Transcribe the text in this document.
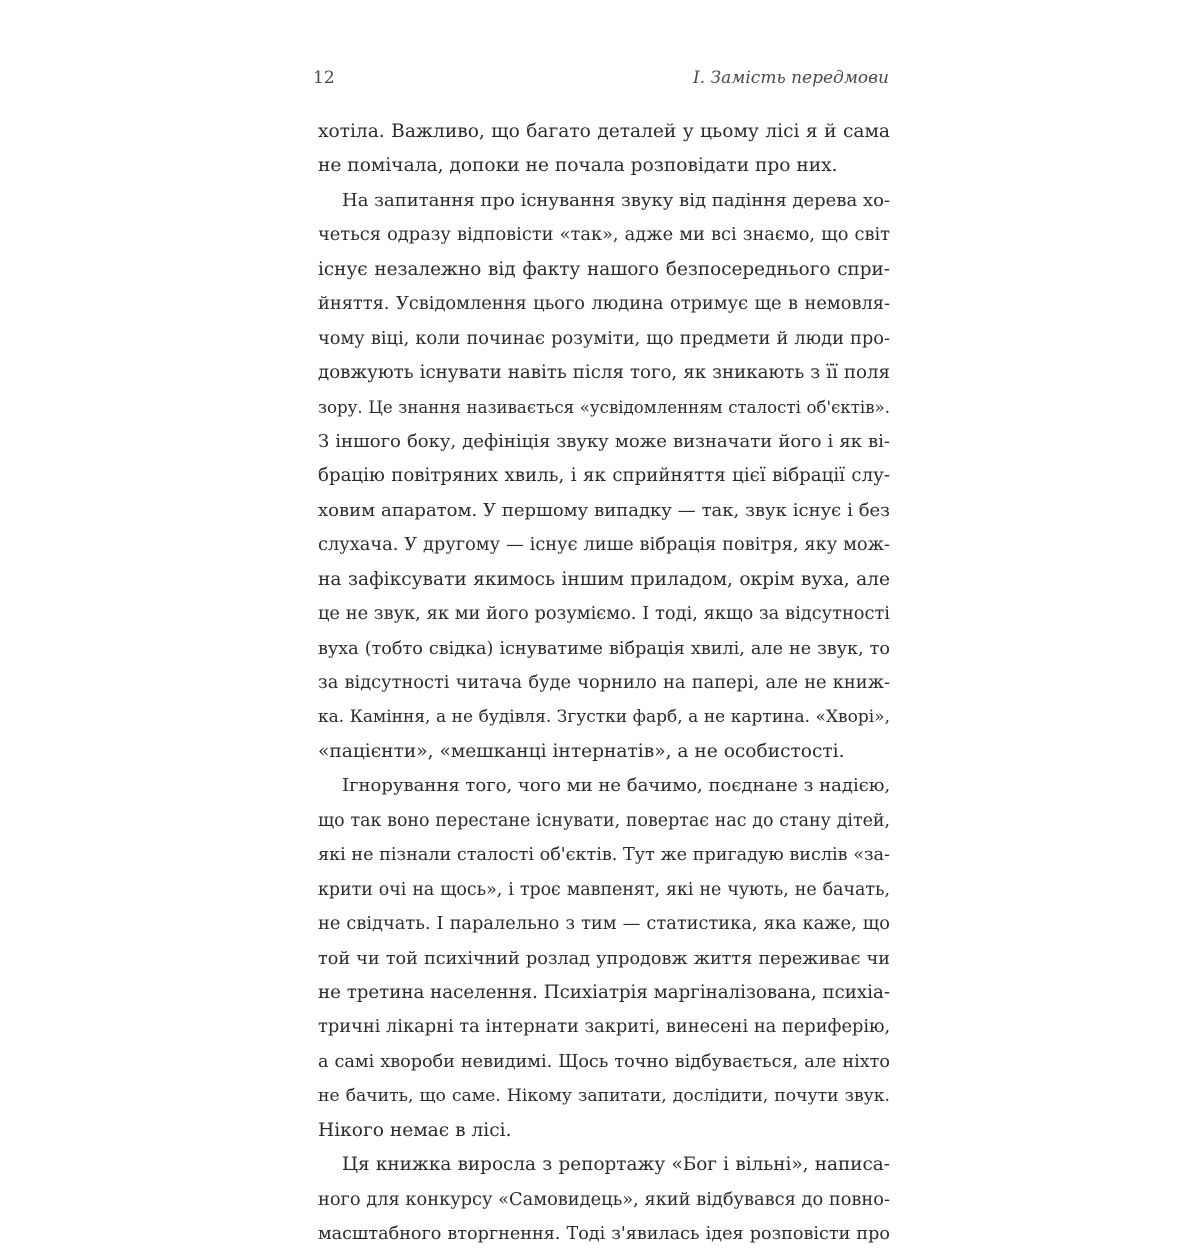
12	І. Замість передмови
хотіла. Важливо, що багато деталей у цьому лісі я й сама
не помічала, допоки не почала розповідати про них.
На запитання про існування звуку від падіння дерева хо-
четься одразу відповісти «так», адже ми всі знаємо, що світ
існує незалежно від факту нашого безпосереднього спри-
йняття. Усвідомлення цього людина отримує ще в немовля-
чому віці, коли починає розуміти, що предмети й люди про-
довжують існувати навіть після того, як зникають з її поля
зору. Це знання називається «усвідомленням сталості об'єктів».
З іншого боку, дефініція звуку може визначати його і як ві-
брацію повітряних хвиль, і як сприйняття цієї вібрації слу-
ховим апаратом. У першому випадку — так, звук існує і без
слухача. У другому — існує лише вібрація повітря, яку мож-
на зафіксувати якимось іншим приладом, окрім вуха, але
це не звук, як ми його розуміємо. І тоді, якщо за відсутності
вуха (тобто свідка) існуватиме вібрація хвилі, але не звук, то
за відсутності читача буде чорнило на папері, але не книж-
ка. Каміння, а не будівля. Згустки фарб, а не картина. «Хворі»,
«пацієнти», «мешканці інтернатів», а не особистості.
Ігнорування того, чого ми не бачимо, поєднане з надією,
що так воно перестане існувати, повертає нас до стану дітей,
які не пізнали сталості об'єктів. Тут же пригадую вислів «за-
крити очі на щось», і троє мавпенят, які не чують, не бачать,
не свідчать. І паралельно з тим — статистика, яка каже, що
той чи той психічний розлад упродовж життя переживає чи
не третина населення. Психіатрія маргіналізована, психіа-
тричні лікарні та інтернати закриті, винесені на периферію,
а самі хвороби невидимі. Щось точно відбувається, але ніхто
не бачить, що саме. Нікому запитати, дослідити, почути звук.
Нікого немає в лісі.
Ця книжка виросла з репортажу «Бог і вільні», написа-
ного для конкурсу «Самовидець», який відбувався до повно-
масштабного вторгнення. Тоді з'явилась ідея розповісти про
